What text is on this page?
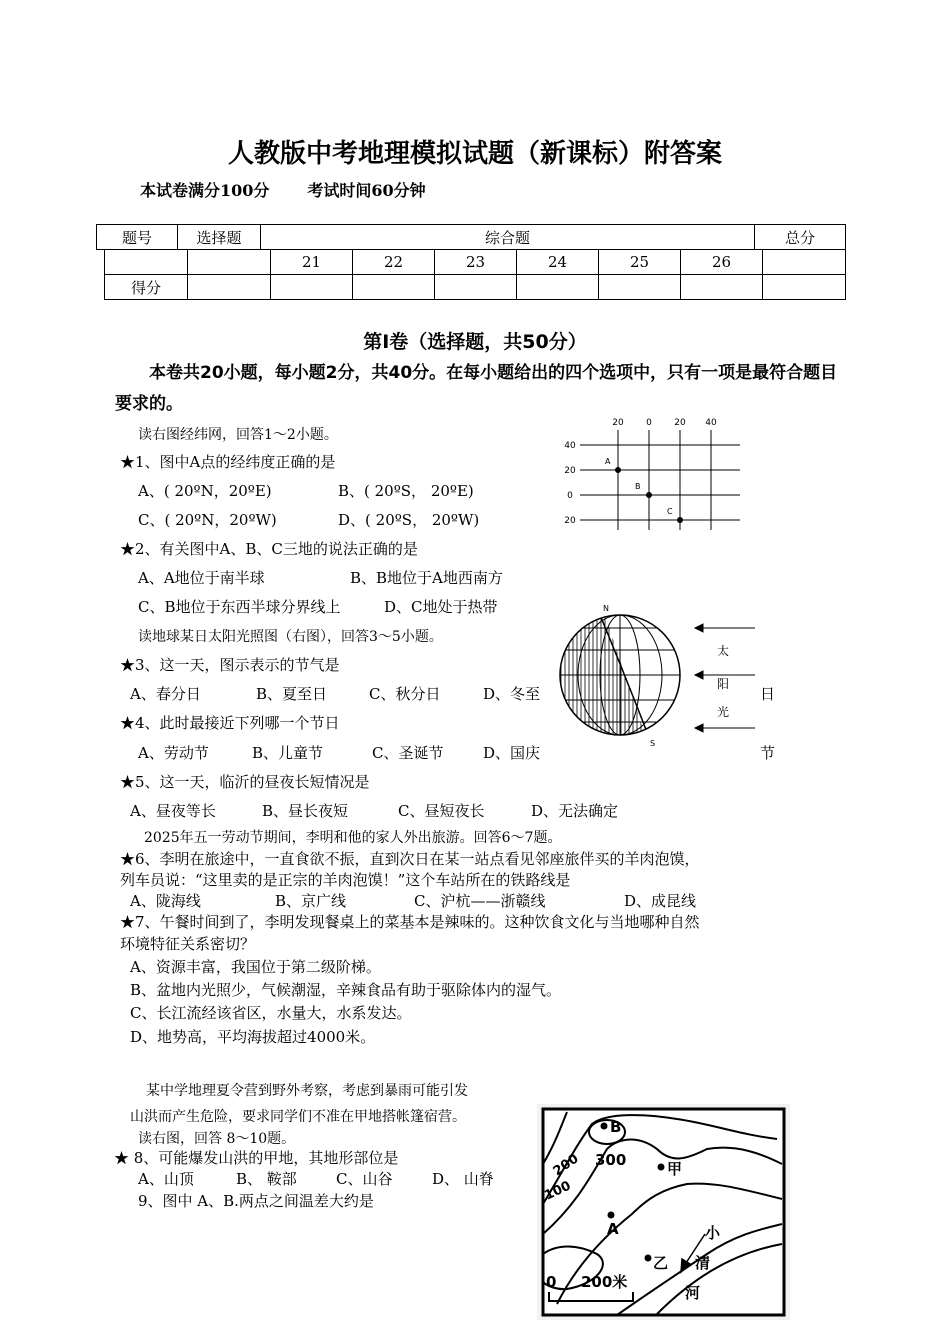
人教版中考地理模拟试题（新课标）附答案
本试卷满分100分 考试时间60分钟
题号	选择题	综合题	总分
		21	22	23	24	25	26	
得分								
第Ⅰ卷（选择题，共50分）
本卷共20小题，每小题2分，共40分。在每小题给出的四个选项中，只有一项是最符合题目要求的。
读右图经纬网，回答1～2小题。
★1、图中A点的经纬度正确的是
A、( 20ºN，20ºE)	B、( 20ºS， 20ºE)
C、( 20ºN，20ºW)	D、( 20ºS， 20ºW)
★2、有关图中A、B、C三地的说法正确的是
A、A地位于南半球	B、B地位于A地西南方
C、B地位于东西半球分界线上	D、C地处于热带
读地球某日太阳光照图（右图），回答3～5小题。
★3、这一天，图示表示的节气是
A、春分日	B、夏至日	C、秋分日	D、冬至	日
★4、此时最接近下列哪一个节日
A、劳动节	B、儿童节	C、圣诞节	D、国庆	节
★5、这一天，临沂的昼夜长短情况是
A、昼夜等长	B、昼长夜短	C、昼短夜长	D、无法确定
2025年五一劳动节期间，李明和他的家人外出旅游。回答6～7题。
★6、李明在旅途中，一直食欲不振，直到次日在某一站点看见邻座旅伴买的羊肉泡馍，
列车员说：“这里卖的是正宗的羊肉泡馍！”这个车站所在的铁路线是
A、陇海线	B、京广线	C、沪杭——浙赣线	D、成昆线
★7、午餐时间到了，李明发现餐桌上的菜基本是辣味的。这种饮食文化与当地哪种自然
环境特征关系密切？
A、资源丰富，我国位于第二级阶梯。
B、盆地内光照少，气候潮湿，辛辣食品有助于驱除体内的湿气。
C、长江流经该省区，水量大，水系发达。
D、地势高，平均海拔超过4000米。
某中学地理夏令营到野外考察，考虑到暴雨可能引发
山洪而产生危险，要求同学们不准在甲地搭帐篷宿营。
读右图，回答 8～10题。
★ 8、可能爆发山洪的甲地，其地形部位是
A、山顶	B、 鞍部	C、山谷	D、 山脊
9、图中 A、B.两点之间温差大约是
20 0 20 40
40
20
0
20
A
B
C
N
S
太
阳
光
300
200
100
B
甲
A
乙
小
清
河
0 200米
